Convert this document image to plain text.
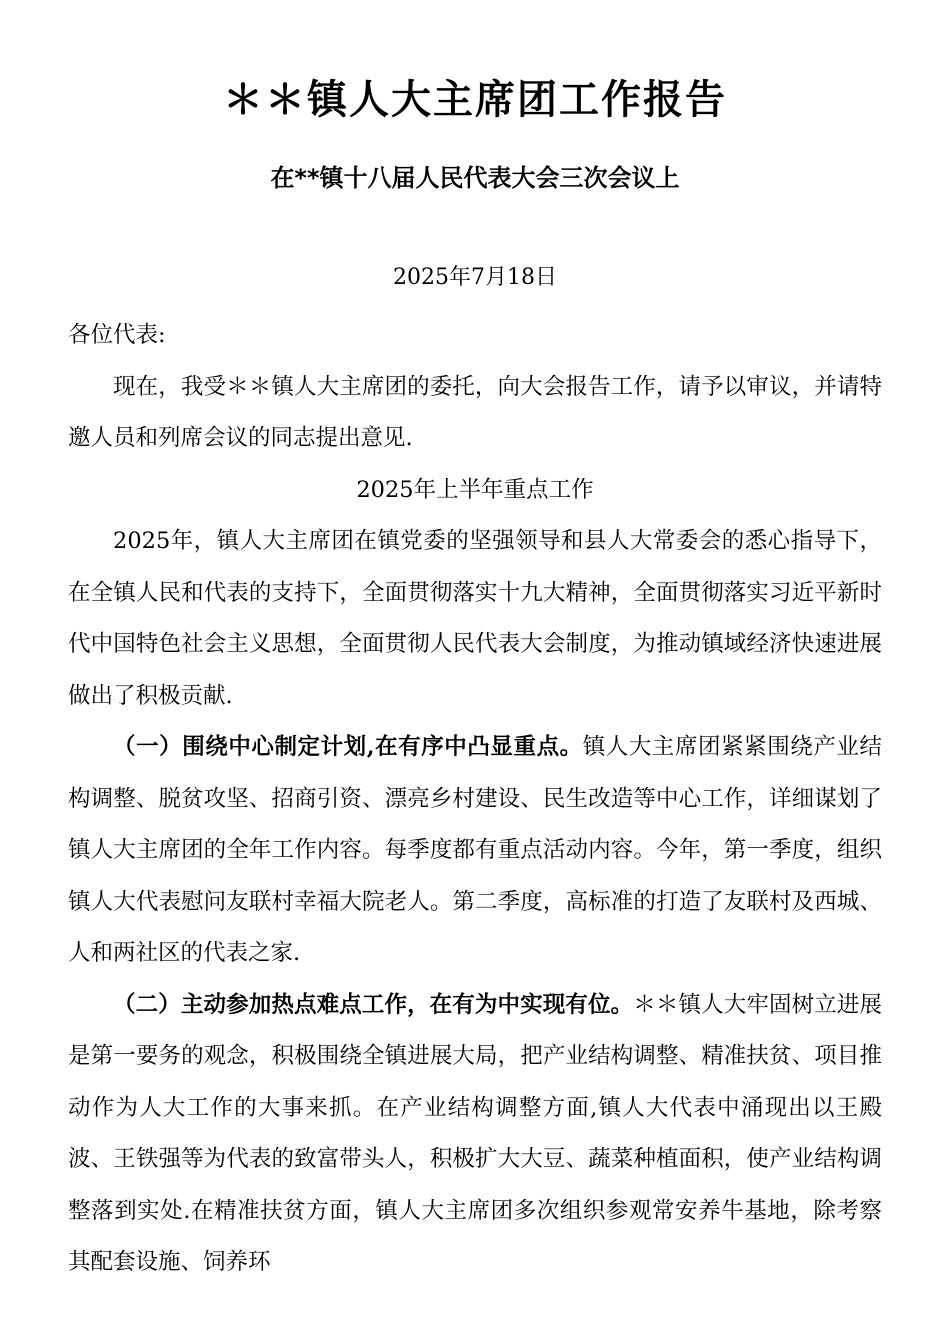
＊＊镇人大主席团工作报告
在**镇十八届人民代表大会三次会议上
2025年7月18日

各位代表:

现在，我受＊＊镇人大主席团的委托，向大会报告工作，请予以审议，并请特邀人员和列席会议的同志提出意见.

2025年上半年重点工作

2025年，镇人大主席团在镇党委的坚强领导和县人大常委会的悉心指导下，在全镇人民和代表的支持下，全面贯彻落实十九大精神，全面贯彻落实习近平新时代中国特色社会主义思想，全面贯彻人民代表大会制度，为推动镇域经济快速进展做出了积极贡献.

（一）围绕中心制定计划,在有序中凸显重点。镇人大主席团紧紧围绕产业结构调整、脱贫攻坚、招商引资、漂亮乡村建设、民生改造等中心工作，详细谋划了镇人大主席团的全年工作内容。每季度都有重点活动内容。今年，第一季度，组织镇人大代表慰问友联村幸福大院老人。第二季度，高标准的打造了友联村及西城、人和两社区的代表之家.

（二）主动参加热点难点工作，在有为中实现有位。＊＊镇人大牢固树立进展是第一要务的观念，积极围绕全镇进展大局，把产业结构调整、精准扶贫、项目推动作为人大工作的大事来抓。在产业结构调整方面,镇人大代表中涌现出以王殿波、王铁强等为代表的致富带头人，积极扩大大豆、蔬菜种植面积，使产业结构调整落到实处.在精准扶贫方面，镇人大主席团多次组织参观常安养牛基地，除考察其配套设施、饲养环
